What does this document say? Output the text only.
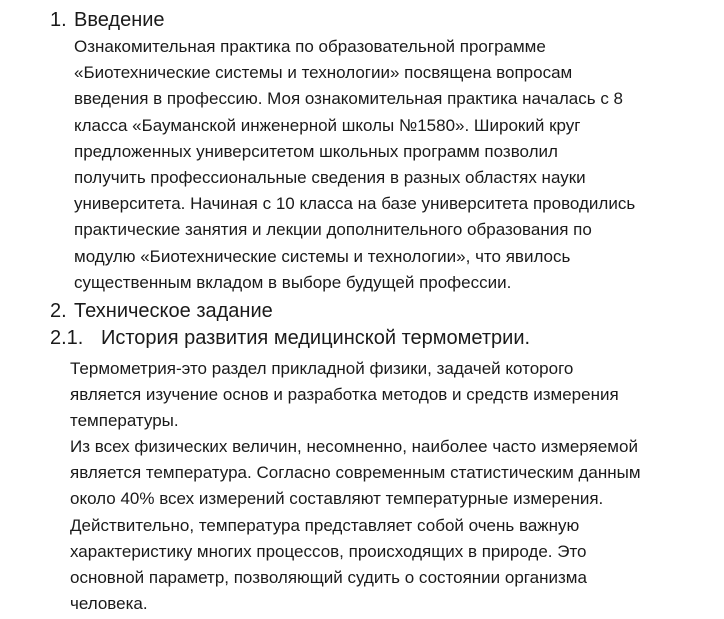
1. Введение
Ознакомительная практика по образовательной программе
«Биотехнические системы и технологии» посвящена вопросам
введения в профессию. Моя ознакомительная практика началась с 8
класса «Бауманской инженерной школы №1580». Широкий круг
предложенных университетом школьных программ позволил
получить профессиональные сведения в разных областях науки
университета. Начиная с 10 класса на базе университета проводились
практические занятия и лекции дополнительного образования по
модулю «Биотехнические системы и технологии», что явилось
существенным вкладом в выборе будущей профессии.
2. Техническое задание
2.1. История развития медицинской термометрии.
Термометрия-это раздел прикладной физики, задачей которого
является изучение основ и разработка методов и средств измерения
температуры.
Из всех физических величин, несомненно, наиболее часто измеряемой
является температура. Согласно современным статистическим данным
около 40% всех измерений составляют температурные измерения.
Действительно, температура представляет собой очень важную
характеристику многих процессов, происходящих в природе. Это
основной параметр, позволяющий судить о состоянии организма
человека.
